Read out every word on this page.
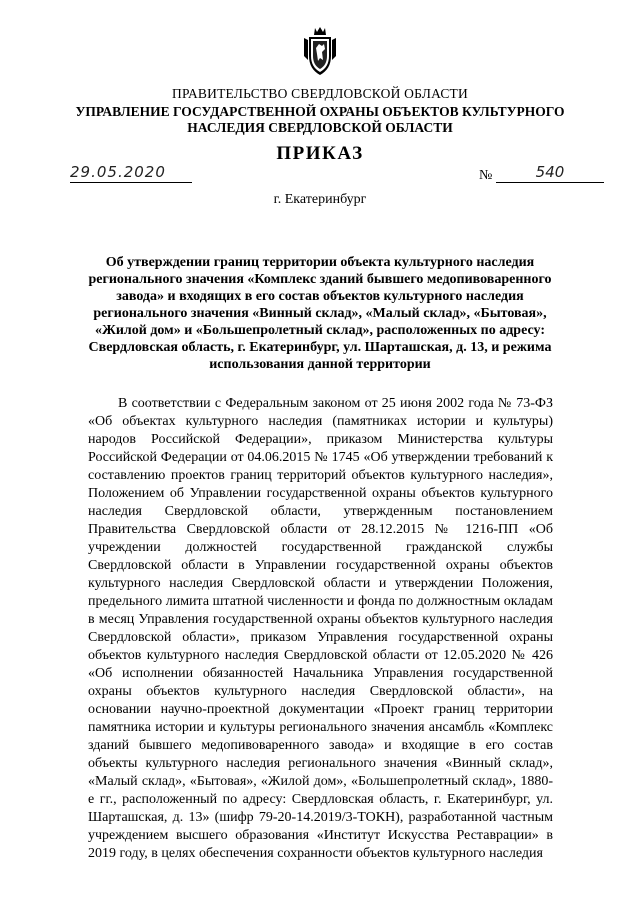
ПРАВИТЕЛЬСТВО СВЕРДЛОВСКОЙ ОБЛАСТИ
УПРАВЛЕНИЕ ГОСУДАРСТВЕННОЙ ОХРАНЫ ОБЪЕКТОВ КУЛЬТУРНОГО НАСЛЕДИЯ СВЕРДЛОВСКОЙ ОБЛАСТИ
ПРИКАЗ
29.05.2020	№	540
г. Екатеринбург
Об утверждении границ территории объекта культурного наследия регионального значения «Комплекс зданий бывшего медопивоваренного завода» и входящих в его состав объектов культурного наследия регионального значения «Винный склад», «Малый склад», «Бытовая», «Жилой дом» и «Большепролетный склад», расположенных по адресу: Свердловская область, г. Екатеринбург, ул. Шарташская, д. 13, и режима использования данной территории

В соответствии с Федеральным законом от 25 июня 2002 года № 73-ФЗ «Об объектах культурного наследия (памятниках истории и культуры) народов Российской Федерации», приказом Министерства культуры Российской Федерации от 04.06.2015 № 1745 «Об утверждении требований к составлению проектов границ территорий объектов культурного наследия», Положением об Управлении государственной охраны объектов культурного наследия Свердловской области, утвержденным постановлением Правительства Свердловской области от 28.12.2015 № 1216-ПП «Об учреждении должностей государственной гражданской службы Свердловской области в Управлении государственной охраны объектов культурного наследия Свердловской области и утверждении Положения, предельного лимита штатной численности и фонда по должностным окладам в месяц Управления государственной охраны объектов культурного наследия Свердловской области», приказом Управления государственной охраны объектов культурного наследия Свердловской области от 12.05.2020 № 426 «Об исполнении обязанностей Начальника Управления государственной охраны объектов культурного наследия Свердловской области», на основании научно-проектной документации «Проект границ территории памятника истории и культуры регионального значения ансамбль «Комплекс зданий бывшего медопивоваренного завода» и входящие в его состав объекты культурного наследия регионального значения «Винный склад», «Малый склад», «Бытовая», «Жилой дом», «Большепролетный склад», 1880-е гг., расположенный по адресу: Свердловская область, г. Екатеринбург, ул. Шарташская, д. 13» (шифр 79-20-14.2019/3-ТОКН), разработанной частным учреждением высшего образования «Институт Искусства Реставрации» в 2019 году, в целях обеспечения сохранности объектов культурного наследия
